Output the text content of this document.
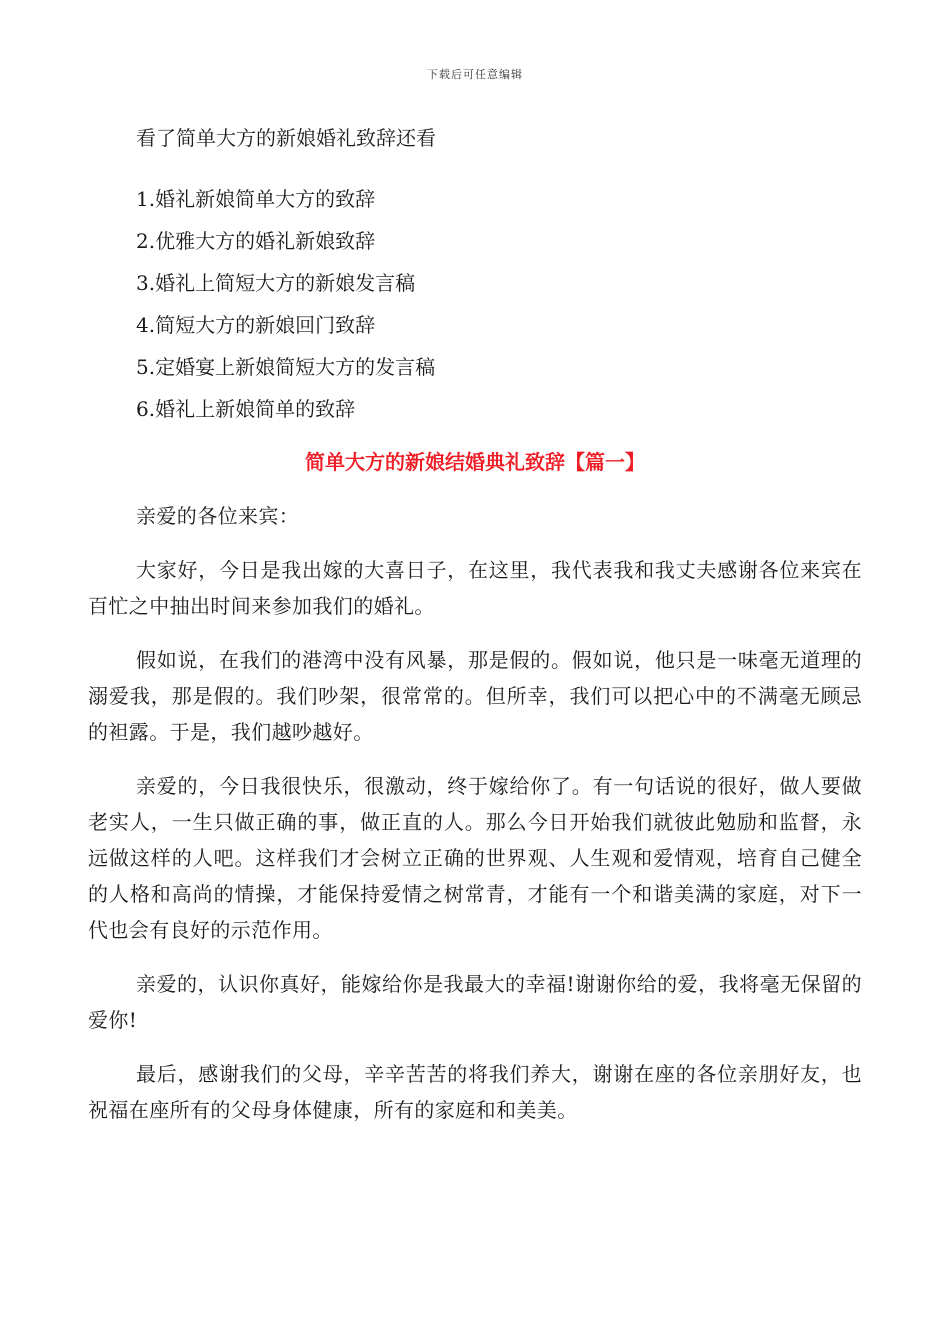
下载后可任意编辑

看了简单大方的新娘婚礼致辞还看

1.婚礼新娘简单大方的致辞
2.优雅大方的婚礼新娘致辞
3.婚礼上简短大方的新娘发言稿
4.简短大方的新娘回门致辞
5.定婚宴上新娘简短大方的发言稿
6.婚礼上新娘简单的致辞

简单大方的新娘结婚典礼致辞【篇一】

亲爱的各位来宾：

大家好，今日是我出嫁的大喜日子，在这里，我代表我和我丈夫感谢各位来宾在百忙之中抽出时间来参加我们的婚礼。

假如说，在我们的港湾中没有风暴，那是假的。假如说，他只是一味毫无道理的溺爱我，那是假的。我们吵架，很常常的。但所幸，我们可以把心中的不满毫无顾忌的袒露。于是，我们越吵越好。

亲爱的，今日我很快乐，很激动，终于嫁给你了。有一句话说的很好，做人要做老实人，一生只做正确的事，做正直的人。那么今日开始我们就彼此勉励和监督，永远做这样的人吧。这样我们才会树立正确的世界观、人生观和爱情观，培育自己健全的人格和高尚的情操，才能保持爱情之树常青，才能有一个和谐美满的家庭，对下一代也会有良好的示范作用。

亲爱的，认识你真好，能嫁给你是我最大的幸福!谢谢你给的爱，我将毫无保留的爱你!

最后，感谢我们的父母，辛辛苦苦的将我们养大，谢谢在座的各位亲朋好友，也祝福在座所有的父母身体健康，所有的家庭和和美美。
